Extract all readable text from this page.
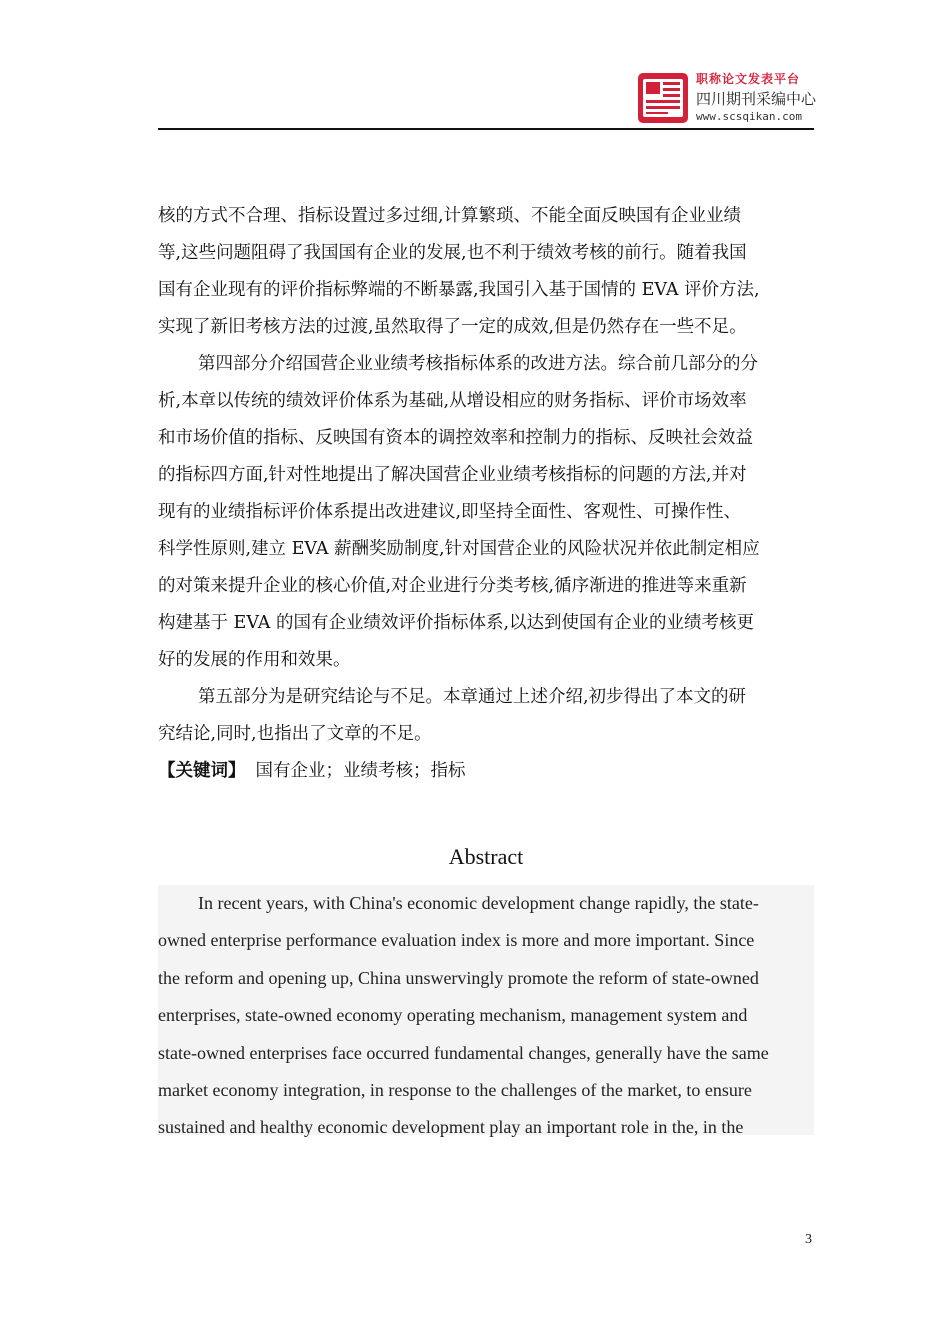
职称论文发表平台
四川期刊采编中心
www.scsqikan.com

核的方式不合理、指标设置过多过细,计算繁琐、不能全面反映国有企业业绩
等,这些问题阻碍了我国国有企业的发展,也不利于绩效考核的前行。随着我国
国有企业现有的评价指标弊端的不断暴露,我国引入基于国情的 EVA 评价方法,
实现了新旧考核方法的过渡,虽然取得了一定的成效,但是仍然存在一些不足。

第四部分介绍国营企业业绩考核指标体系的改进方法。综合前几部分的分
析,本章以传统的绩效评价体系为基础,从增设相应的财务指标、评价市场效率
和市场价值的指标、反映国有资本的调控效率和控制力的指标、反映社会效益
的指标四方面,针对性地提出了解决国营企业业绩考核指标的问题的方法,并对
现有的业绩指标评价体系提出改进建议,即坚持全面性、客观性、可操作性、
科学性原则,建立 EVA 薪酬奖励制度,针对国营企业的风险状况并依此制定相应
的对策来提升企业的核心价值,对企业进行分类考核,循序渐进的推进等来重新
构建基于 EVA 的国有企业绩效评价指标体系,以达到使国有企业的业绩考核更
好的发展的作用和效果。

第五部分为是研究结论与不足。本章通过上述介绍,初步得出了本文的研
究结论,同时,也指出了文章的不足。

【关键词】 国有企业；业绩考核；指标

Abstract
In recent years, with China's economic development change rapidly, the state-
owned enterprise performance evaluation index is more and more important. Since
the reform and opening up, China unswervingly promote the reform of state-owned
enterprises, state-owned economy operating mechanism, management system and
state-owned enterprises face occurred fundamental changes, generally have the same
market economy integration, in response to the challenges of the market, to ensure
sustained and healthy economic development play an important role in the, in the
3
